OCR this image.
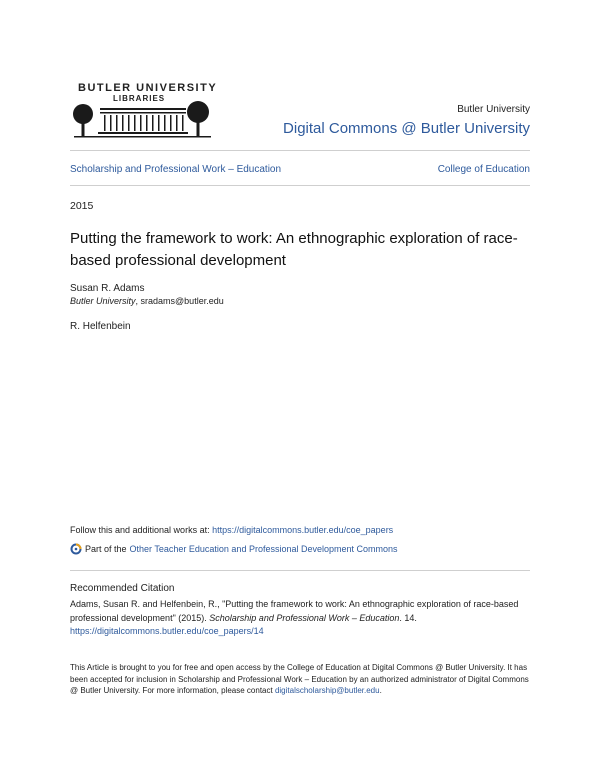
BUTLER UNIVERSITY
LIBRARIES
Butler University
Digital Commons @ Butler University
Scholarship and Professional Work – Education	College of Education
2015
Putting the framework to work: An ethnographic exploration of race-based professional development
Susan R. Adams
Butler University, sradams@butler.edu
R. Helfenbein
Follow this and additional works at: https://digitalcommons.butler.edu/coe_papers
Part of the Other Teacher Education and Professional Development Commons
Recommended Citation
Adams, Susan R. and Helfenbein, R., "Putting the framework to work: An ethnographic exploration of race-based professional development" (2015). Scholarship and Professional Work – Education. 14.
https://digitalcommons.butler.edu/coe_papers/14
This Article is brought to you for free and open access by the College of Education at Digital Commons @ Butler University. It has been accepted for inclusion in Scholarship and Professional Work – Education by an authorized administrator of Digital Commons @ Butler University. For more information, please contact digitalscholarship@butler.edu.
